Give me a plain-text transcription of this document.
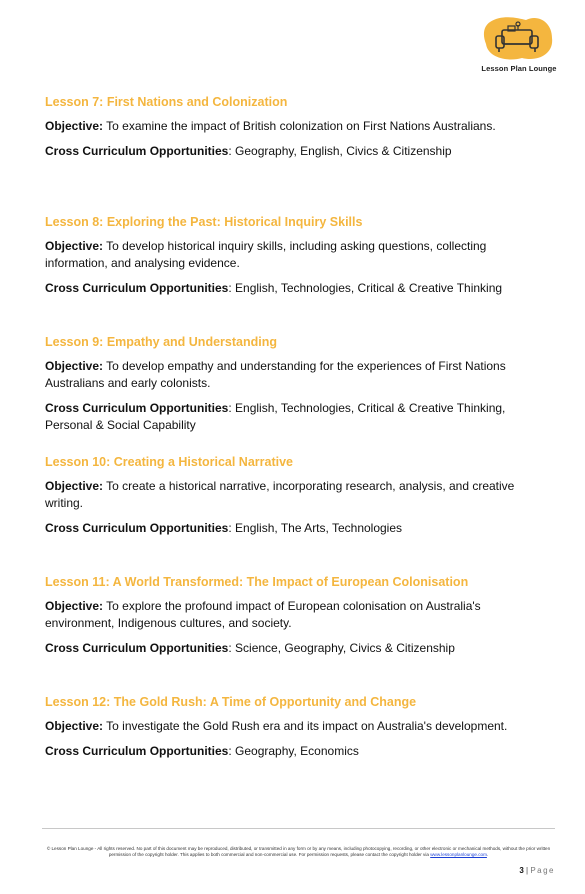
Lesson Plan Lounge
Lesson 7: First Nations and Colonization

Objective: To examine the impact of British colonization on First Nations Australians.

Cross Curriculum Opportunities: Geography, English, Civics & Citizenship

Lesson 8: Exploring the Past: Historical Inquiry Skills

Objective: To develop historical inquiry skills, including asking questions, collecting information, and analysing evidence.

Cross Curriculum Opportunities: English, Technologies, Critical & Creative Thinking

Lesson 9: Empathy and Understanding

Objective: To develop empathy and understanding for the experiences of First Nations Australians and early colonists.

Cross Curriculum Opportunities: English, Technologies, Critical & Creative Thinking, Personal & Social Capability

Lesson 10: Creating a Historical Narrative

Objective: To create a historical narrative, incorporating research, analysis, and creative writing.

Cross Curriculum Opportunities: English, The Arts, Technologies

Lesson 11: A World Transformed: The Impact of European Colonisation

Objective: To explore the profound impact of European colonisation on Australia's environment, Indigenous cultures, and society.

Cross Curriculum Opportunities: Science, Geography, Civics & Citizenship

Lesson 12: The Gold Rush: A Time of Opportunity and Change

Objective: To investigate the Gold Rush era and its impact on Australia's development.

Cross Curriculum Opportunities: Geography, Economics

© Lesson Plan Lounge - All rights reserved. No part of this document may be reproduced, distributed, or transmitted in any form or by any means, including photocopying, recording, or other electronic or mechanical methods, without the prior written permission of the copyright holder. This applies to both commercial and non-commercial use. For permission requests, please contact the copyright holder via www.lessonplanlounge.com.
3 | Page
